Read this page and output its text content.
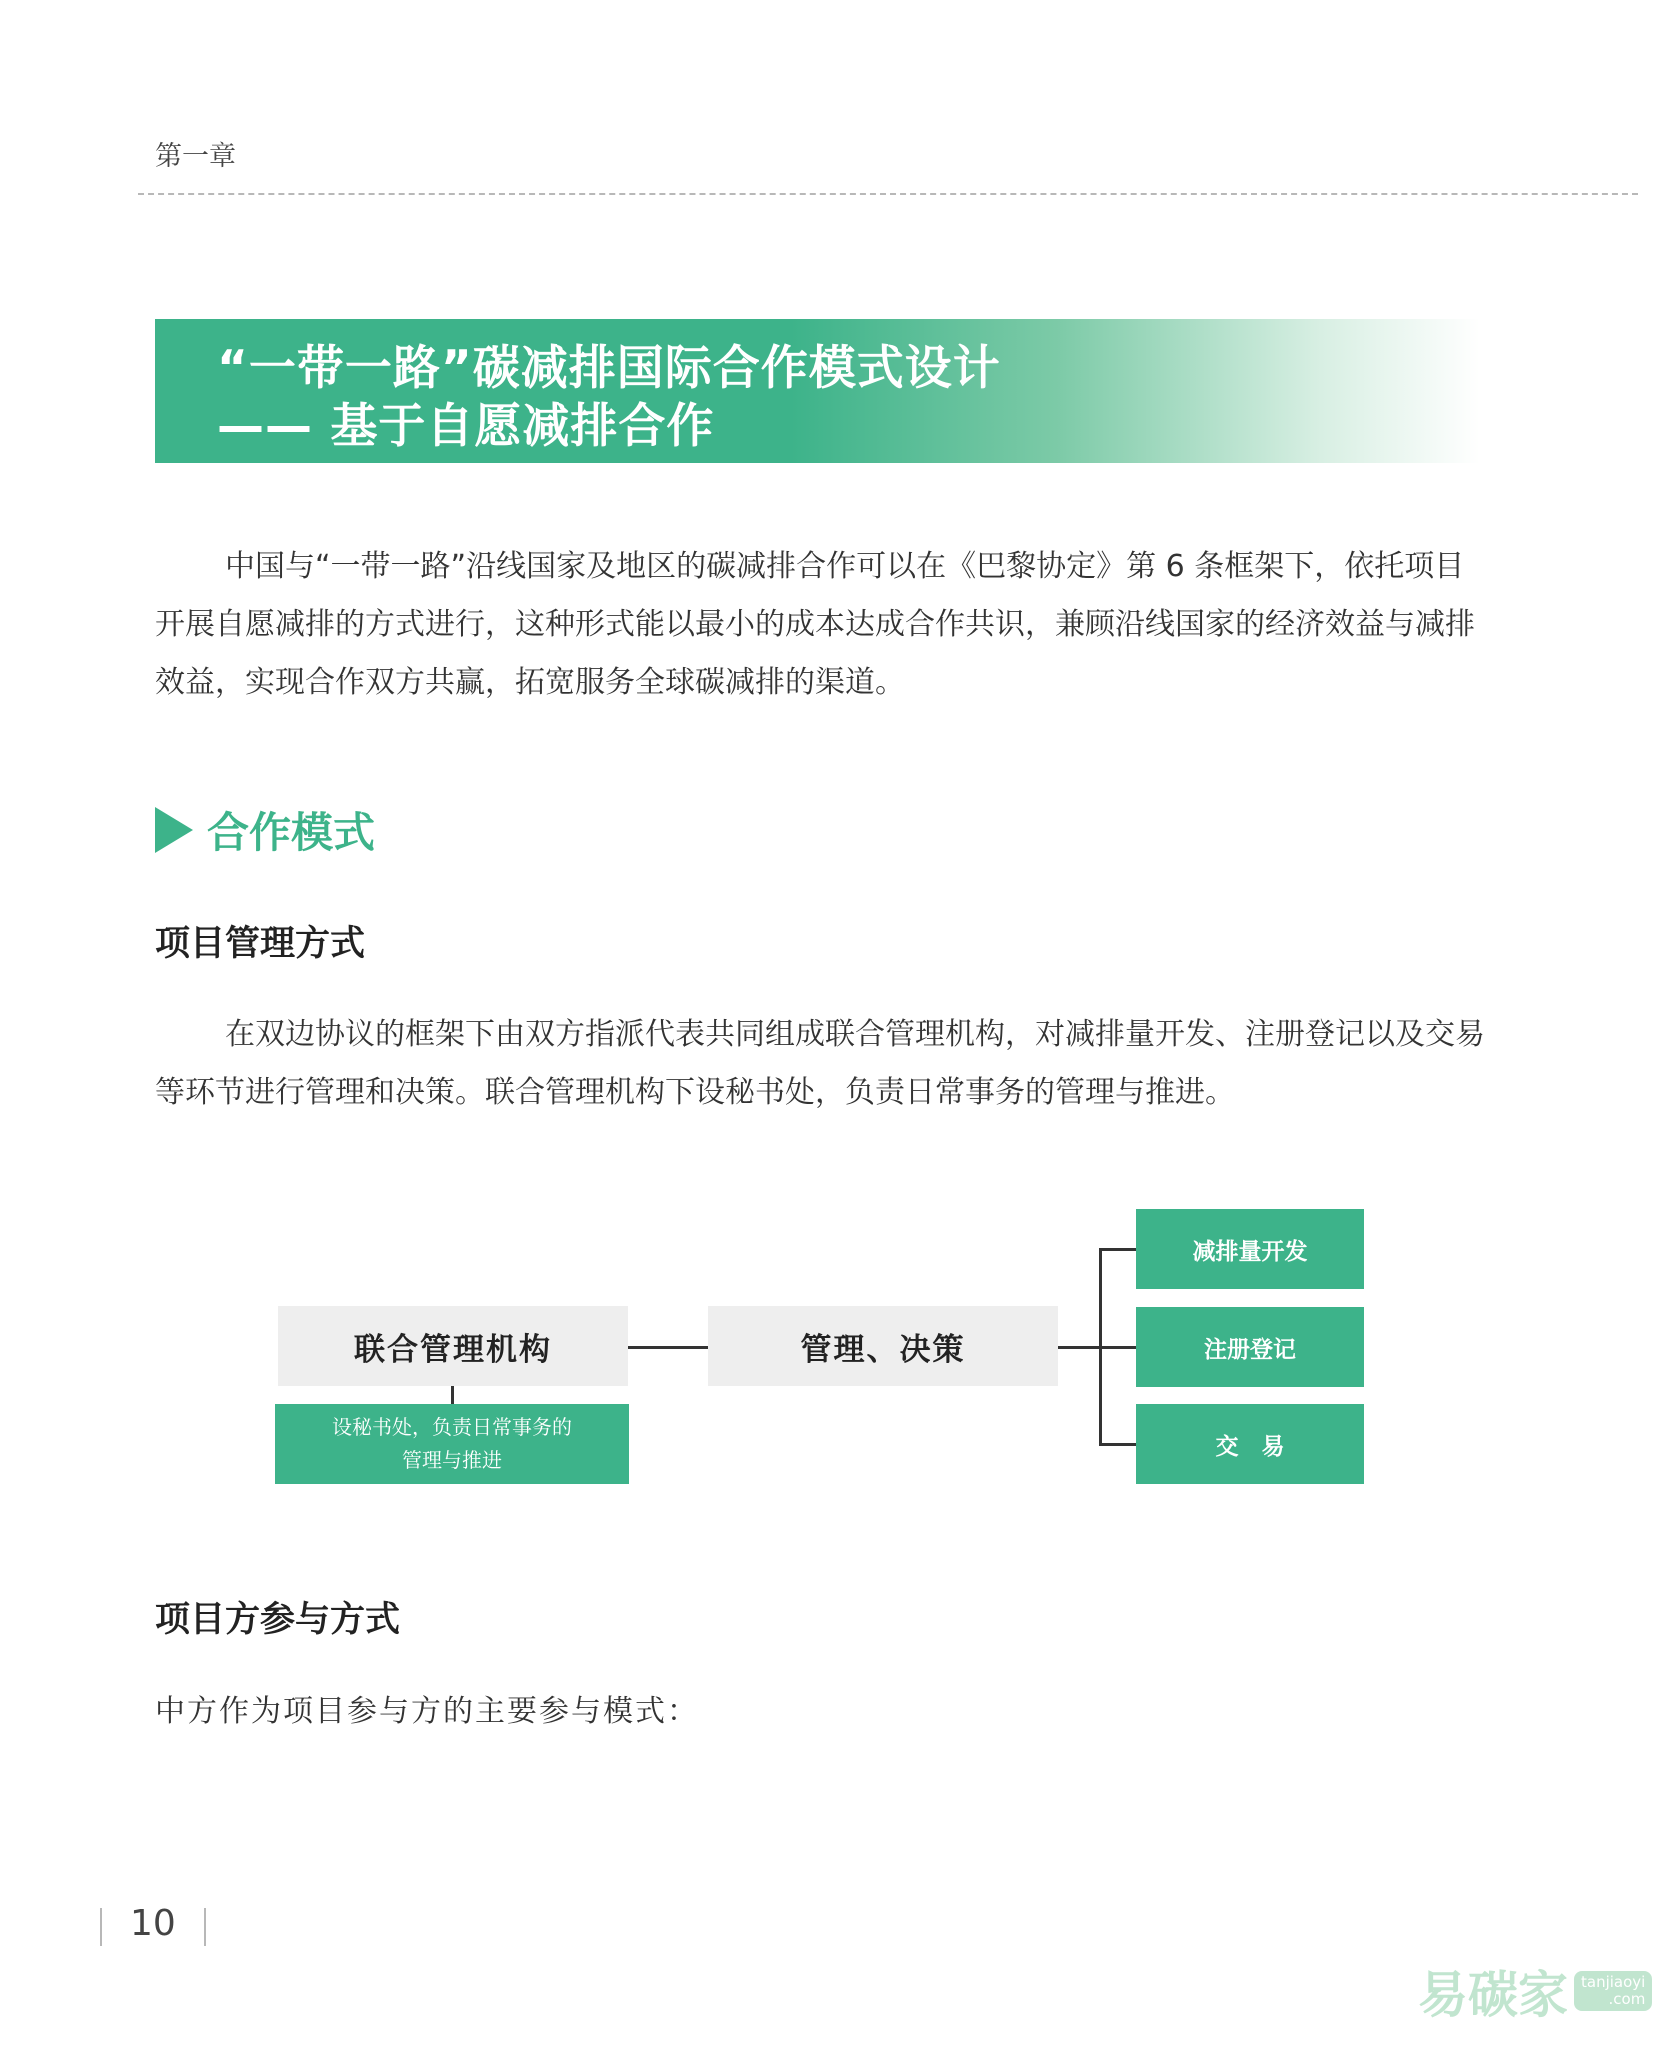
第一章
“一带一路”碳减排国际合作模式设计
—— 基于自愿减排合作

中国与“一带一路”沿线国家及地区的碳减排合作可以在《巴黎协定》第 6 条框架下，依托项目开展自愿减排的方式进行，这种形式能以最小的成本达成合作共识，兼顾沿线国家的经济效益与减排效益，实现合作双方共赢，拓宽服务全球碳减排的渠道。

合作模式
项目管理方式

在双边协议的框架下由双方指派代表共同组成联合管理机构，对减排量开发、注册登记以及交易等环节进行管理和决策。联合管理机构下设秘书处，负责日常事务的管理与推进。

联合管理机构
设秘书处，负责日常事务的
管理与推进
管理、决策
减排量开发
注册登记
交　易
项目方参与方式
中方作为项目参与方的主要参与模式：
10
易碳家 tanjiaoyi
.com
